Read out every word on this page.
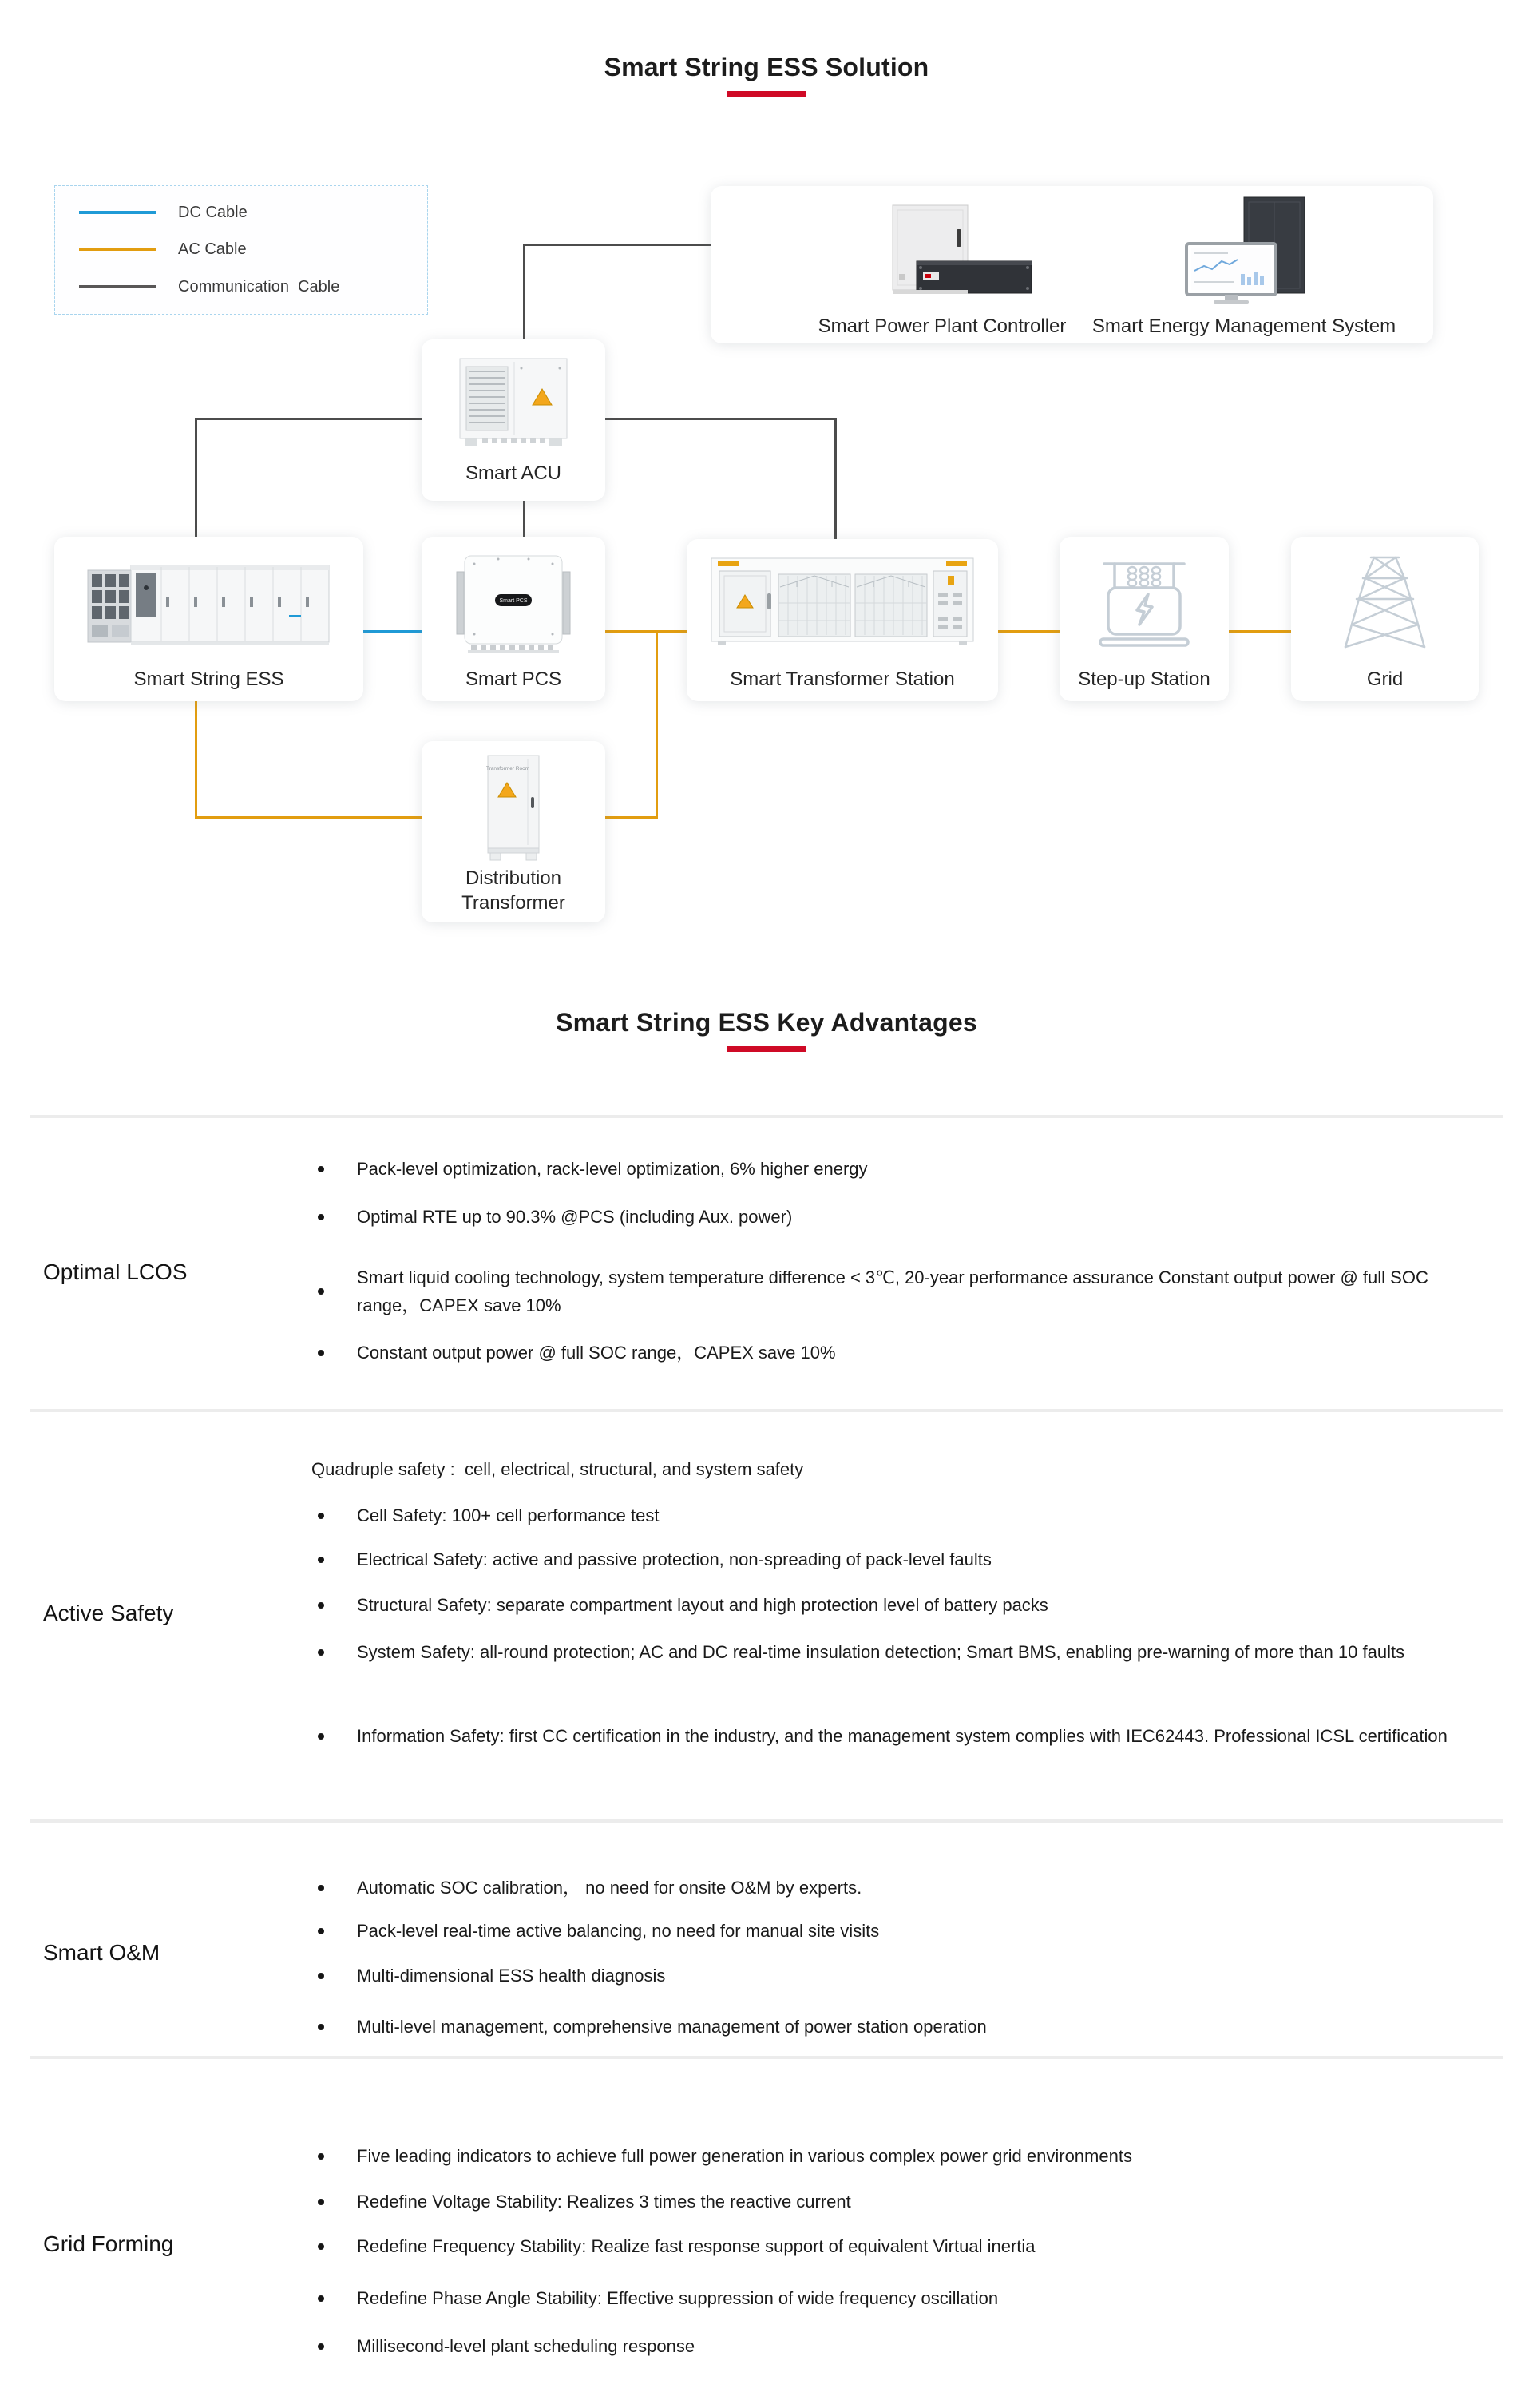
Smart String ESS Solution
DC Cable
AC Cable
Communication  Cable
Smart Power Plant Controller	Smart Energy Management System
Smart ACU
Smart String ESS
Smart PCS
Smart PCS	Smart Transformer Station	Step-up Station	Grid
Transformer Room
Distribution Transformer
Smart String ESS Key Advantages
Optimal LCOS
Pack-level optimization, rack-level optimization, 6% higher energy
Optimal RTE up to 90.3% @PCS (including Aux. power)
Smart liquid cooling technology, system temperature difference < 3℃, 20-year performance assurance Constant output power @ full SOC range，CAPEX save 10%
Constant output power @ full SOC range，CAPEX save 10%
Active Safety
Quadruple safety :  cell, electrical, structural, and system safety
Cell Safety: 100+ cell performance test
Electrical Safety: active and passive protection, non-spreading of pack-level faults
Structural Safety: separate compartment layout and high protection level of battery packs
System Safety: all-round protection; AC and DC real-time insulation detection; Smart BMS, enabling pre-warning of more than 10 faults
Information Safety: first CC certification in the industry, and the management system complies with IEC62443. Professional ICSL certification
Smart O&M
Automatic SOC calibration， no need for onsite O&M by experts.
Pack-level real-time active balancing, no need for manual site visits
Multi-dimensional ESS health diagnosis
Multi-level management, comprehensive management of power station operation
Grid Forming
Five leading indicators to achieve full power generation in various complex power grid environments
Redefine Voltage Stability: Realizes 3 times the reactive current
Redefine Frequency Stability: Realize fast response support of equivalent Virtual inertia
Redefine Phase Angle Stability: Effective suppression of wide frequency oscillation
Millisecond-level plant scheduling response
